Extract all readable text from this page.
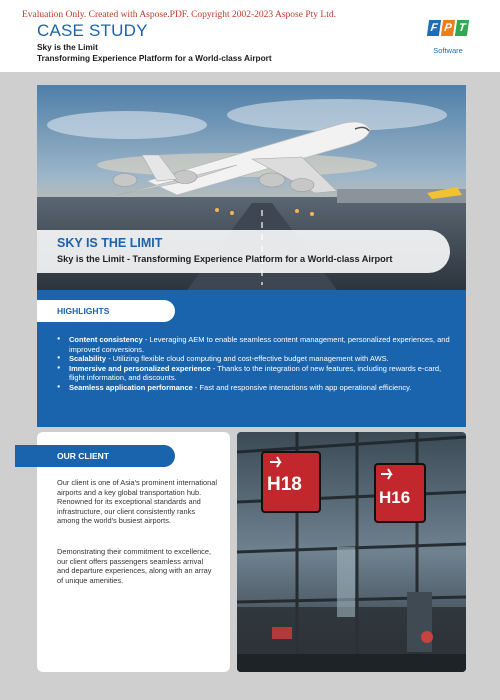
Evaluation Only. Created with Aspose.PDF. Copyright 2002-2023 Aspose Pty Ltd.
CASE STUDY
Sky is the Limit
Transforming Experience Platform for a World-class Airport
F P T
Software
SKY IS THE LIMIT
Sky is the Limit - Transforming Experience Platform for a World-class Airport
HIGHLIGHTS
● Content consistency - Leveraging AEM to enable seamless content management, personalized experiences, and improved conversions.
● Scalability - Utilizing flexible cloud computing and cost-effective budget management with AWS.
● Immersive and personalized experience - Thanks to the integration of new features, including rewards e-card, flight information, and discounts.
● Seamless application performance - Fast and responsive interactions with app operational efficiency.
OUR CLIENT
Our client is one of Asia's prominent international airports and a key global transportation hub. Renowned for its exceptional standards and infrastructure, our client consistently ranks among the world's busiest airports.
Demonstrating their commitment to excellence, our client offers passengers seamless arrival and departure experiences, along with an array of unique amenities.
H18
H16
